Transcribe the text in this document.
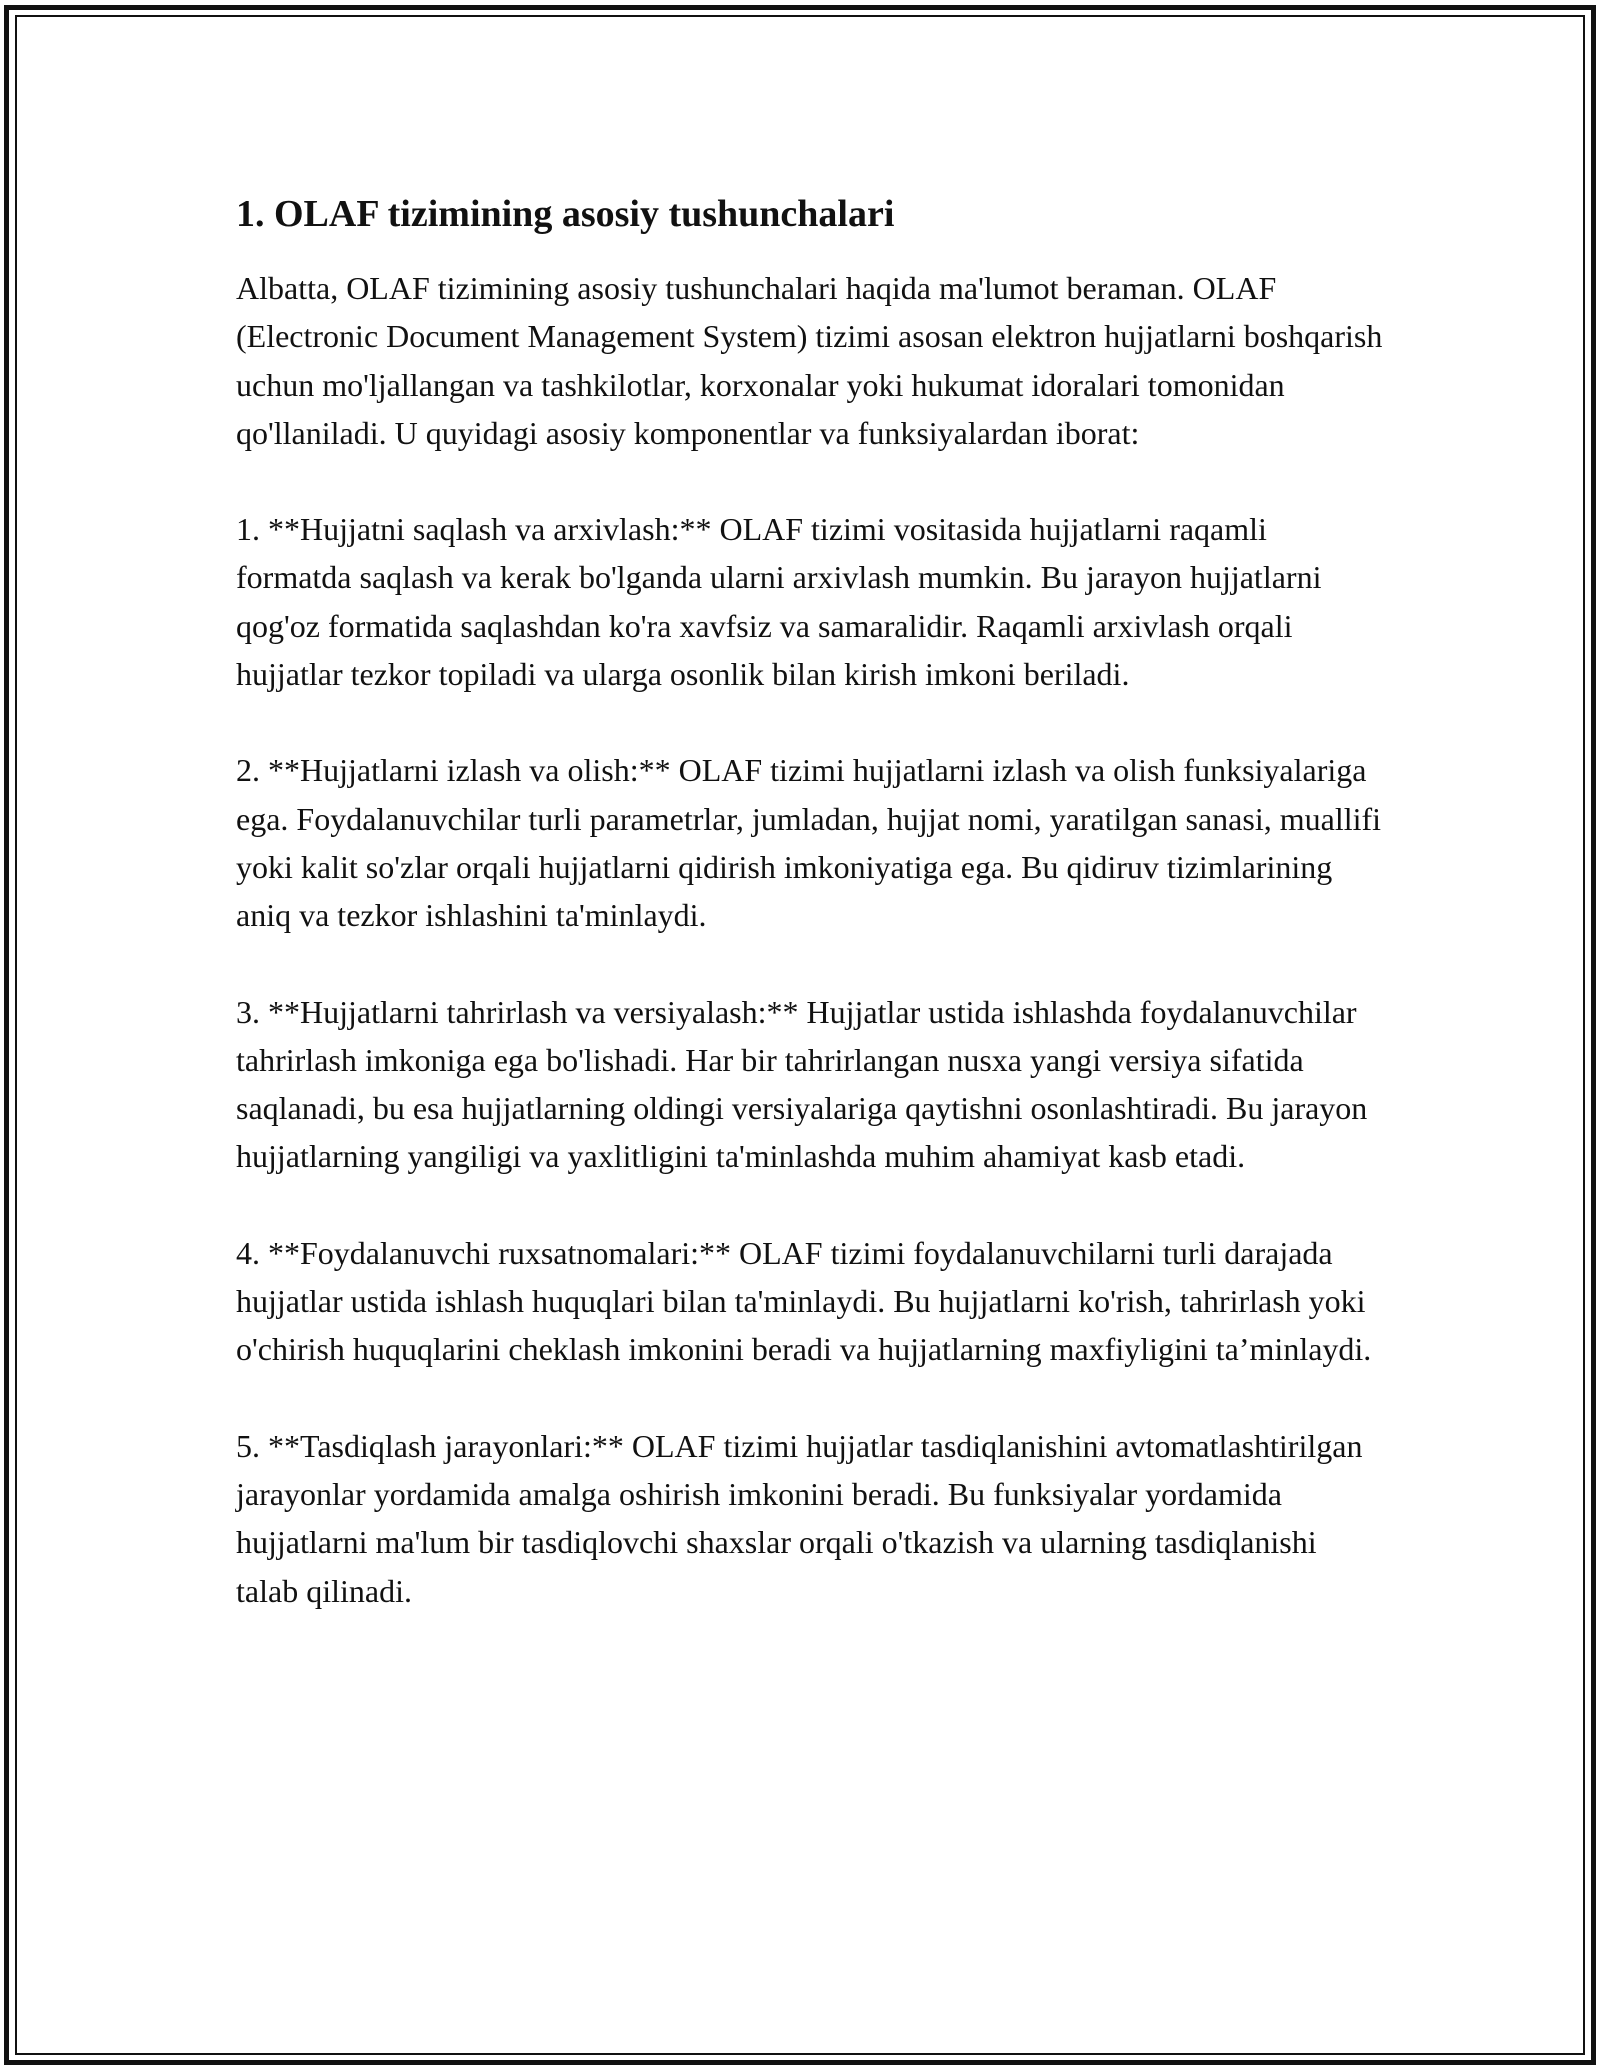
1. OLAF tizimining asosiy tushunchalari

Albatta, OLAF tizimining asosiy tushunchalari haqida ma'lumot beraman. OLAF (Electronic Document Management System) tizimi asosan elektron hujjatlarni boshqarish uchun mo'ljallangan va tashkilotlar, korxonalar yoki hukumat idoralari tomonidan qo'llaniladi. U quyidagi asosiy komponentlar va funksiyalardan iborat:

1. **Hujjatni saqlash va arxivlash:** OLAF tizimi vositasida hujjatlarni raqamli formatda saqlash va kerak bo'lganda ularni arxivlash mumkin. Bu jarayon hujjatlarni qog'oz formatida saqlashdan ko'ra xavfsiz va samaralidir. Raqamli arxivlash orqali hujjatlar tezkor topiladi va ularga osonlik bilan kirish imkoni beriladi.

2. **Hujjatlarni izlash va olish:** OLAF tizimi hujjatlarni izlash va olish funksiyalariga ega. Foydalanuvchilar turli parametrlar, jumladan, hujjat nomi, yaratilgan sanasi, muallifi yoki kalit so'zlar orqali hujjatlarni qidirish imkoniyatiga ega. Bu qidiruv tizimlarining aniq va tezkor ishlashini ta'minlaydi.

3. **Hujjatlarni tahrirlash va versiyalash:** Hujjatlar ustida ishlashda foydalanuvchilar tahrirlash imkoniga ega bo'lishadi. Har bir tahrirlangan nusxa yangi versiya sifatida saqlanadi, bu esa hujjatlarning oldingi versiyalariga qaytishni osonlashtiradi. Bu jarayon hujjatlarning yangiligi va yaxlitligini ta'minlashda muhim ahamiyat kasb etadi.

4. **Foydalanuvchi ruxsatnomalari:** OLAF tizimi foydalanuvchilarni turli darajada hujjatlar ustida ishlash huquqlari bilan ta'minlaydi. Bu hujjatlarni ko'rish, tahrirlash yoki o'chirish huquqlarini cheklash imkonini beradi va hujjatlarning maxfiyligini ta’minlaydi.

5. **Tasdiqlash jarayonlari:** OLAF tizimi hujjatlar tasdiqlanishini avtomatlashtirilgan jarayonlar yordamida amalga oshirish imkonini beradi. Bu funksiyalar yordamida hujjatlarni ma'lum bir tasdiqlovchi shaxslar orqali o'tkazish va ularning tasdiqlanishi talab qilinadi.
